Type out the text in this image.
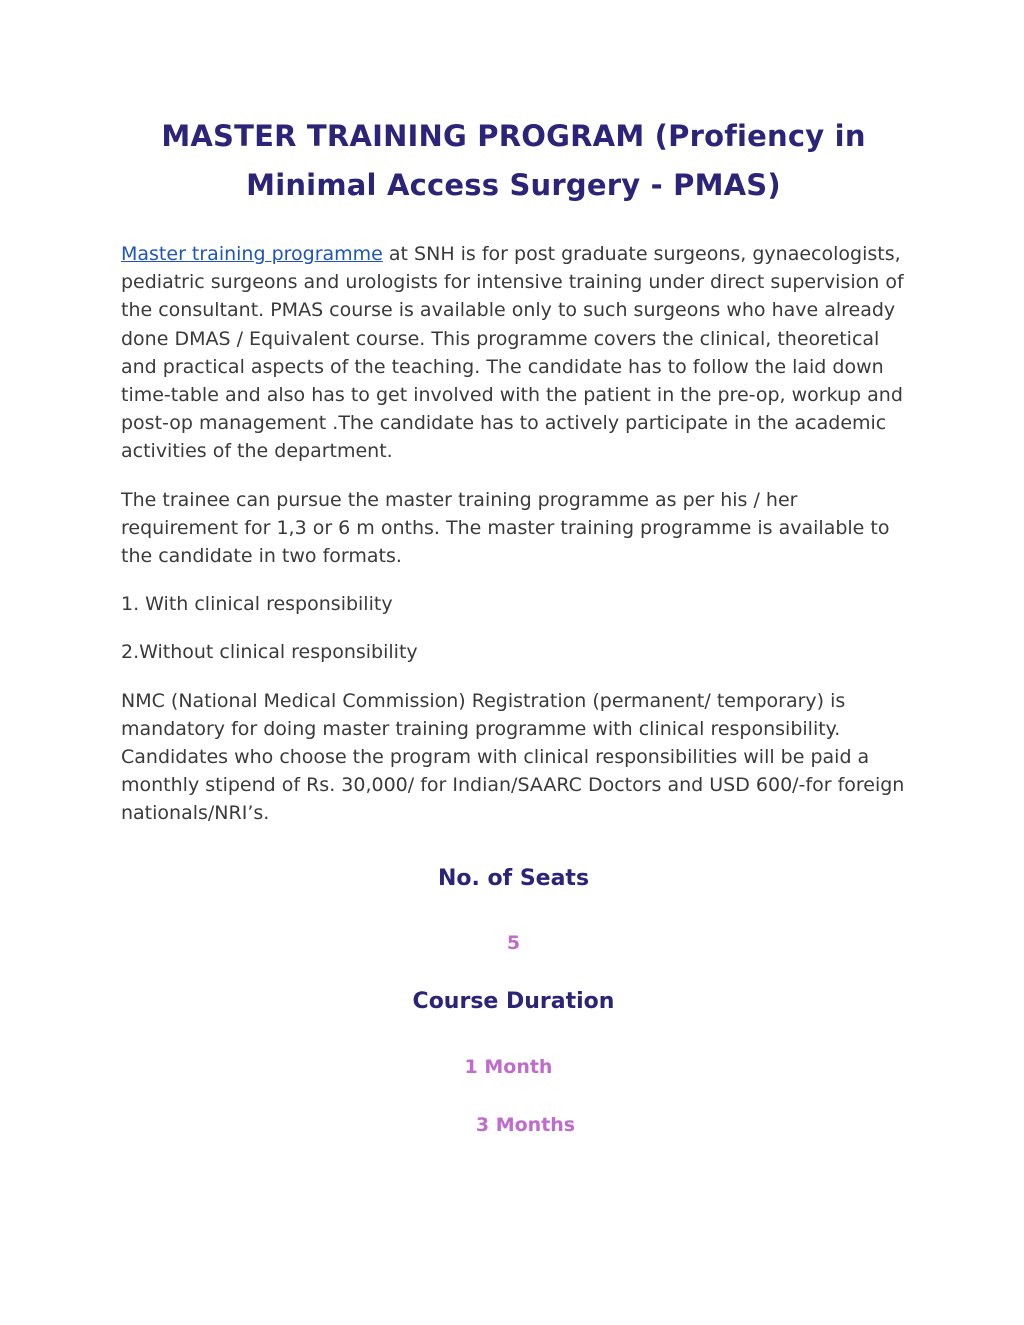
MASTER TRAINING PROGRAM (Profiency in Minimal Access Surgery - PMAS)

Master training programme at SNH is for post graduate surgeons, gynaecologists, pediatric surgeons and urologists for intensive training under direct supervision of the consultant. PMAS course is available only to such surgeons who have already done DMAS / Equivalent course. This programme covers the clinical, theoretical and practical aspects of the teaching. The candidate has to follow the laid down time-table and also has to get involved with the patient in the pre-op, workup and post-op management .The candidate has to actively participate in the academic activities of the department.

The trainee can pursue the master training programme as per his / her requirement for 1,3 or 6 m onths. The master training programme is available to the candidate in two formats.

1. With clinical responsibility

2.Without clinical responsibility

NMC (National Medical Commission) Registration (permanent/ temporary) is mandatory for doing master training programme with clinical responsibility. Candidates who choose the program with clinical responsibilities will be paid a monthly stipend of Rs. 30,000/ for Indian/SAARC Doctors and USD 600/-for foreign nationals/NRI’s.

No. of Seats
5
Course Duration
1 Month
3 Months
